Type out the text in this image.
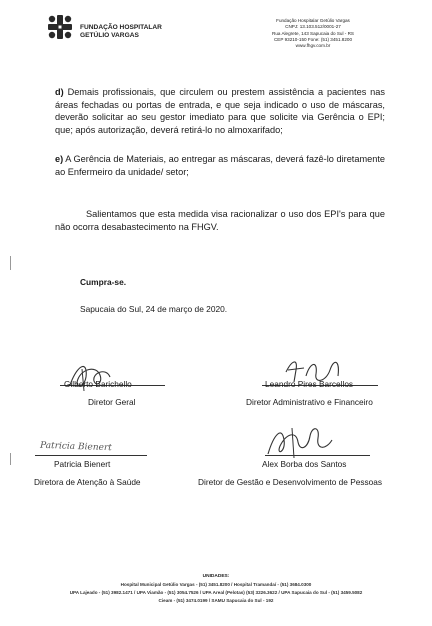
FUNDAÇÃO HOSPITALAR
GETÚLIO VARGAS
Fundação Hospitalar Getúlio Vargas
CNPJ: 13.103.512/0001-27
Rua Alegrete, 143 Sapucaia do Sul - RS
CEP 93210-150 Fone: (51) 3451.8200
www.fhgv.com.br
d) Demais profissionais, que circulem ou prestem assistência a pacientes nas áreas fechadas ou portas de entrada, e que seja indicado o uso de máscaras, deverão solicitar ao seu gestor imediato para que solicite via Gerência o EPI; que; após autorização, deverá retirá-lo no almoxarifado;
e) A Gerência de Materiais, ao entregar as máscaras, deverá fazê-lo diretamente ao Enfermeiro da unidade/ setor;
Salientamos que esta medida visa racionalizar o uso dos EPI's para que não ocorra desabastecimento na FHGV.
Cumpra-se.
Sapucaia do Sul, 24 de março de 2020.
Gilberto Barichello
Diretor Geral
Leandro Pires Barcellos
Diretor Administrativo e Financeiro
Patricia Bienert
Patricia Bienert
Diretora de Atenção à Saúde
Alex Borba dos Santos
Diretor de Gestão e Desenvolvimento de Pessoas
UNIDADES:
Hospital Municipal Getúlio Vargas - (51) 3451.8200 / Hospital Tramandaí - (51) 3684.0300
UPA Lajeado - (51) 3982.1471 / UPA Viamão - (51) 3054.7526 / UPA Areal (Pelotas) (53) 3226.3622 / UPA Sapucaia do Sul - (51) 3459.5082
Cieam - (51) 3474.0199 / SAMU Sapucaia do Sul - 192
